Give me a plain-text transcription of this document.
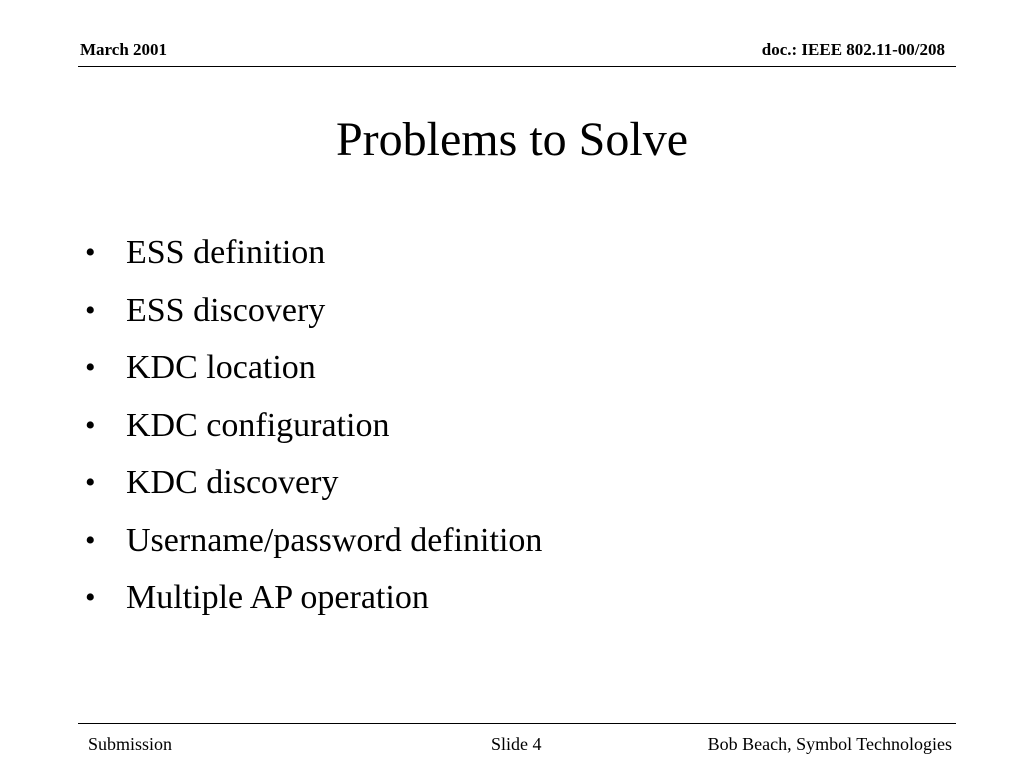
March 2001	doc.: IEEE 802.11-00/208
Problems to Solve
• ESS definition
• ESS discovery
• KDC location
• KDC configuration
• KDC discovery
• Username/password definition
• Multiple AP operation
Submission	Slide 4	Bob Beach, Symbol Technologies
